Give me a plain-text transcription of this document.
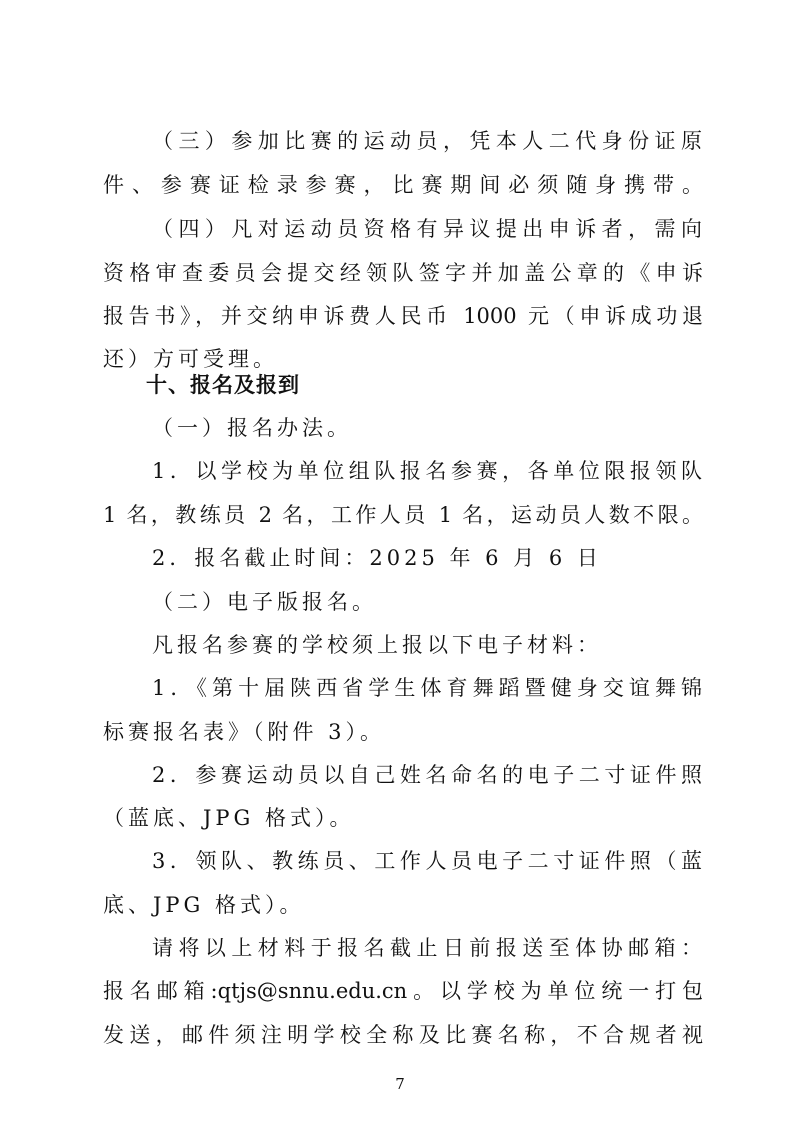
（三）参加比赛的运动员，凭本人二代身份证原
件、参赛证检录参赛，比赛期间必须随身携带。
（四）凡对运动员资格有异议提出申诉者，需向
资格审查委员会提交经领队签字并加盖公章的《申诉
报告书》，并交纳申诉费人民币 1000 元（申诉成功退
还）方可受理。
十、报名及报到
（一）报名办法。
1．以学校为单位组队报名参赛，各单位限报领队
1 名，教练员 2 名，工作人员 1 名，运动员人数不限。
2．报名截止时间：2025 年 6 月 6 日
（二）电子版报名。
凡报名参赛的学校须上报以下电子材料：
1．《第十届陕西省学生体育舞蹈暨健身交谊舞锦
标赛报名表》（附件 3）。
2．参赛运动员以自己姓名命名的电子二寸证件照
（蓝底、JPG 格式）。
3．领队、教练员、工作人员电子二寸证件照（蓝
底、JPG 格式）。
请将以上材料于报名截止日前报送至体协邮箱：
报名邮箱:qtjs@snnu.edu.cn。以学校为单位统一打包
发送，邮件须注明学校全称及比赛名称，不合规者视
7
